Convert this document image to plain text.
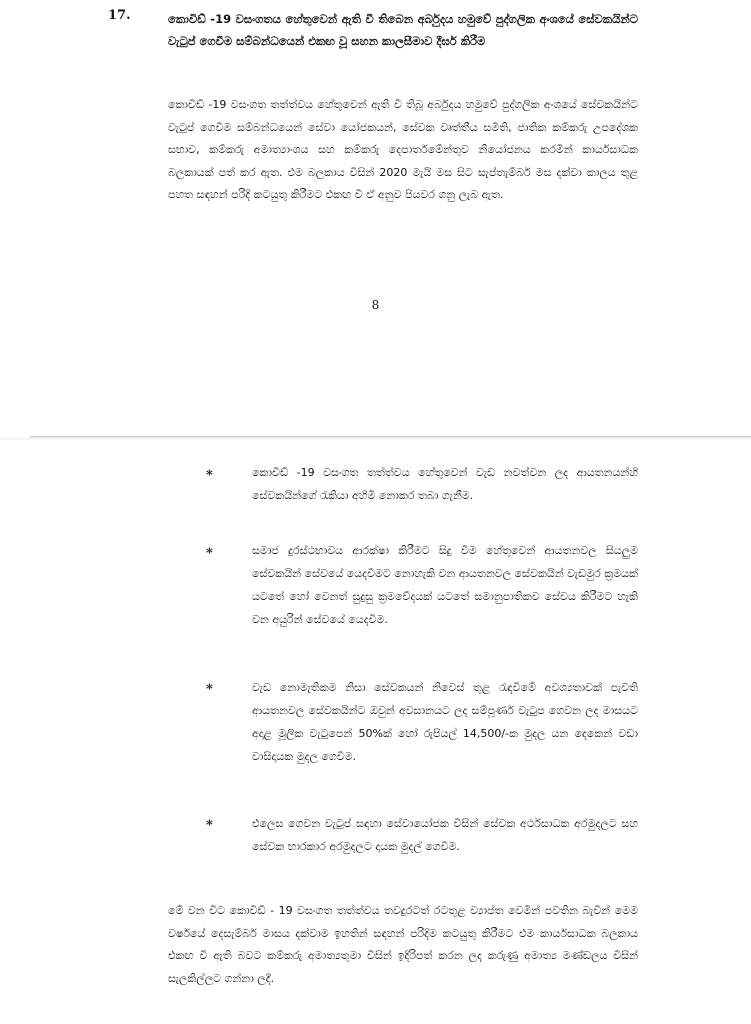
17.	කොවිඩ් -19 වසංගතය හේතුවෙන් ඇති වී තිබෙන අර්බුදය හමුවේ පුද්ගලික අංශයේ සේවකයින්ට වැටුප් ගෙවීම සම්බන්ධයෙන් එකඟ වූ සහන කාලසීමාව දීර්ඝ කිරීම
කොවිඩ් -19 වසංගත තත්ත්වය හේතුවෙන් ඇති වී තිබූ අර්බුදය හමුවේ පුද්ගලික අංශයේ සේවකයින්ට වැටුප් ගෙවීම සම්බන්ධයෙන් සේවා යෝජකයන්, සේවක වෘත්තීය සමිති, ජාතික කම්කරු උපදේශක සභාව, කම්කරු අමාත්‍යාංශය සහ කම්කරු දෙපාර්තමේන්තුව නියෝජනය කරමින් කාර්යසාධක බලකායක් පත් කර ඇත. එම බලකාය විසින් 2020 මැයි මස සිට සැප්තැම්බර් මස දක්වා කාලය තුළ පහත සඳහන් පරිදි කටයුතු කිරීමට එකඟ වී ඒ අනුව පියවර ගනු ලැබ ඇත.
8
*	කොවිඩ් -19 වසංගත තත්ත්වය හේතුවෙන් වැඩ නවත්වන ලද ආයතනයන්හි සේවකයින්ගේ රැකියා අහිමි නොකර තබා ගැනීම.
*	සමාජ දුරස්ථභාවය ආරක්ෂා කිරීමට සිදු වීම හේතුවෙන් ආයතනවල සියලුම සේවකයින් සේවයේ යෙදවීමට නොහැකි වන ආයතනවල සේවකයින් වැඩමුර ක්‍රමයක් යටතේ හෝ වෙනත් සුදුසු ක්‍රමවේදයක් යටතේ සමානුපාතිකව සේවය කිරීමට හැකි වන අයුරින් සේවයේ යෙදවීම.
*	වැඩ නොමැතිකම නිසා සේවකයන් නිවෙස් තුළ රැඳවීමේ අවශ්‍යතාවක් පැවති ආයතනවල සේවකයින්ට ඔවුන් අවසානයට ලද සම්පූර්ණ වැටුප ගෙවන ලද මාසයට අදාළ මූලික වැටුපෙන් 50%ක් හෝ රුපියල් 14,500/-ක මුදල යන දෙකෙන් වඩා වාසිදායක මුදල ගෙවීම.
*	එලෙස ගෙවන වැටුප් සඳහා සේවායෝජක විසින් සේවක අර්ථසාධක අරමුදලට සහ සේවක භාරකාර අරමුදලට දායක මුදල් ගෙවීම.
මේ වන විට කොවිඩ් - 19 වසංගත තත්ත්වය තවදුරටත් රටතුළ ව්‍යාප්ත වෙමින් පවතින බැවින් මෙම වර්ෂයේ දෙසැම්බර් මාසය දක්වාම ඉහතින් සඳහන් පරිදිම කටයුතු කිරීමට එම කාර්යසාධක බලකාය එකඟ වී ඇති බවට කම්කරු අමාත්‍යතුමා විසින් ඉදිරිපත් කරන ලද කරුණු අමාත්‍ය මණ්ඩලය විසින් සැලකිල්ලට ගන්නා ලදී.
